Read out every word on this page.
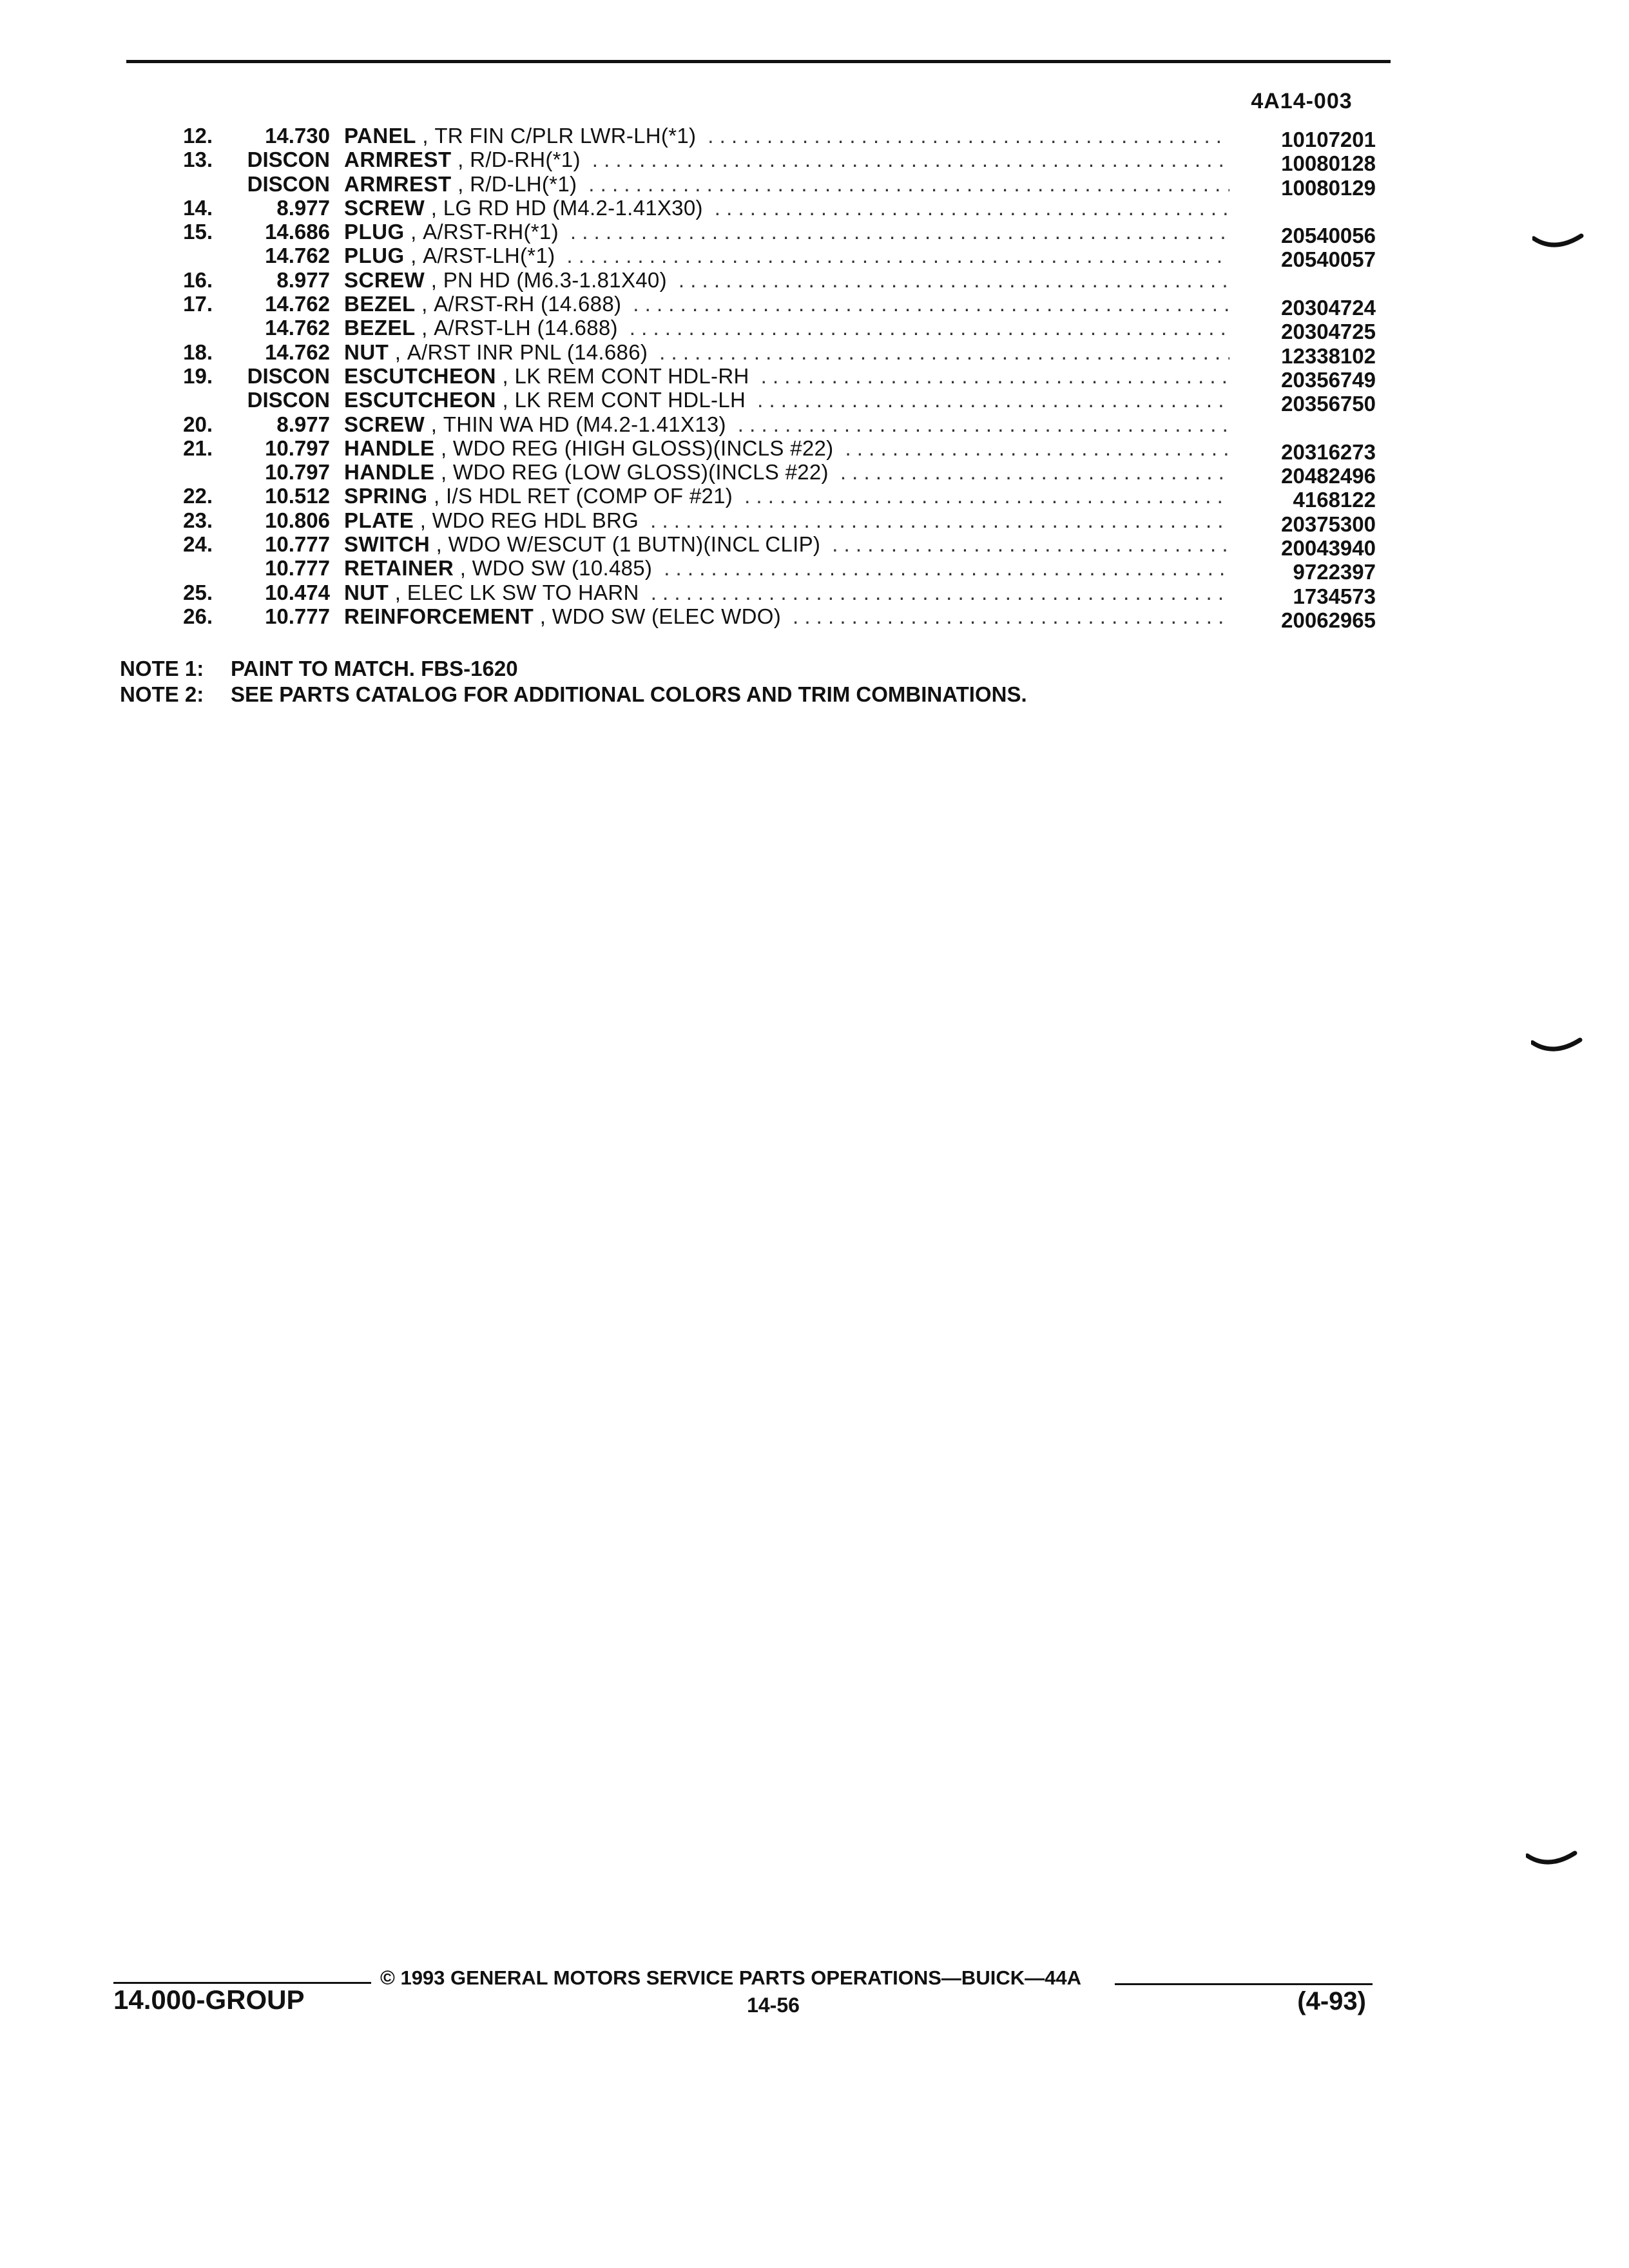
4A14-003
12.	14.730 PANEL , TR FIN C/PLR LWR-LH(*1) . . .	10107201
13.	DISCON ARMREST , R/D-RH(*1) . . .	10080128
DISCON ARMREST , R/D-LH(*1) . . .	10080129
14.	8.977 SCREW , LG RD HD (M4.2-1.41X30)
. . .
15.	14.686 PLUG , A/RST-RH(*1) . . .	20540056
14.762 PLUG , A/RST-LH(*1) . . .	20540057
16.	8.977 SCREW , PN HD (M6.3-1.81X40)
. . .
17.	14.762 BEZEL , A/RST-RH (14.688) . . .	20304724
14.762 BEZEL , A/RST-LH (14.688) . . .	20304725
18.	14.762 NUT , A/RST INR PNL (14.686) . . .	12338102
19.	DISCON ESCUTCHEON , LK REM CONT HDL-RH . . .	20356749
DISCON ESCUTCHEON , LK REM CONT HDL-LH . . .	20356750
20.	8.977 SCREW , THIN WA HD (M4.2-1.41X13)
. . .
21.	10.797 HANDLE , WDO REG (HIGH GLOSS)(INCLS #22) . . .	20316273
10.797 HANDLE , WDO REG (LOW GLOSS)(INCLS #22) . . .	20482496
22.	10.512 SPRING , I/S HDL RET (COMP OF #21) . . .	4168122
23.	10.806 PLATE , WDO REG HDL BRG . . .	20375300
24.	10.777 SWITCH , WDO W/ESCUT (1 BUTN)(INCL CLIP) . . .	20043940
10.777 RETAINER , WDO SW (10.485) . . .	9722397
25.	10.474 NUT , ELEC LK SW TO HARN . . .	1734573
26.	10.777 REINFORCEMENT , WDO SW (ELEC WDO) . . .	20062965
NOTE 1: PAINT TO MATCH. FBS-1620
NOTE 2: SEE PARTS CATALOG FOR ADDITIONAL COLORS AND TRIM COMBINATIONS.
© 1993 GENERAL MOTORS SERVICE PARTS OPERATIONS—BUICK—44A
14-56
14.000-GROUP	(4-93)
